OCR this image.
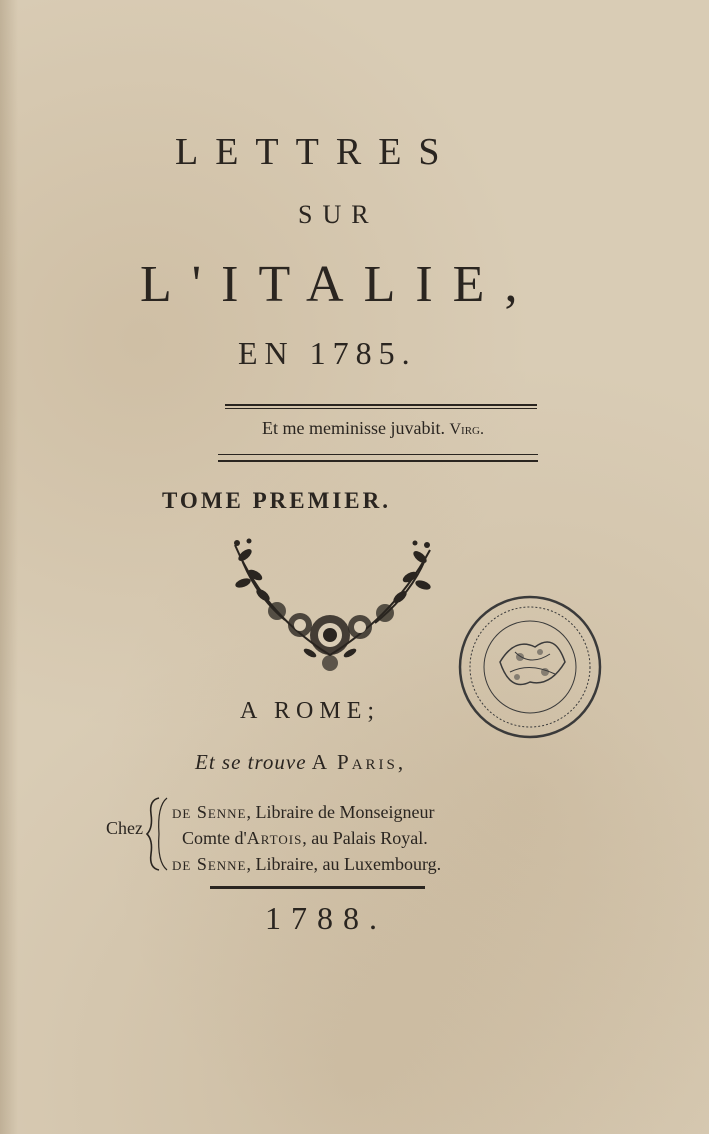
LETTRES
SUR
L'ITALIE,
EN 1785.
Et me meminisse juvabit. Virg.
TOME PREMIER.
A ROME;
Et se trouve A Paris,
Chez
de Senne, Libraire de Monseigneur
Comte d'Artois, au Palais Royal.
de Senne, Libraire, au Luxembourg.
1788.
